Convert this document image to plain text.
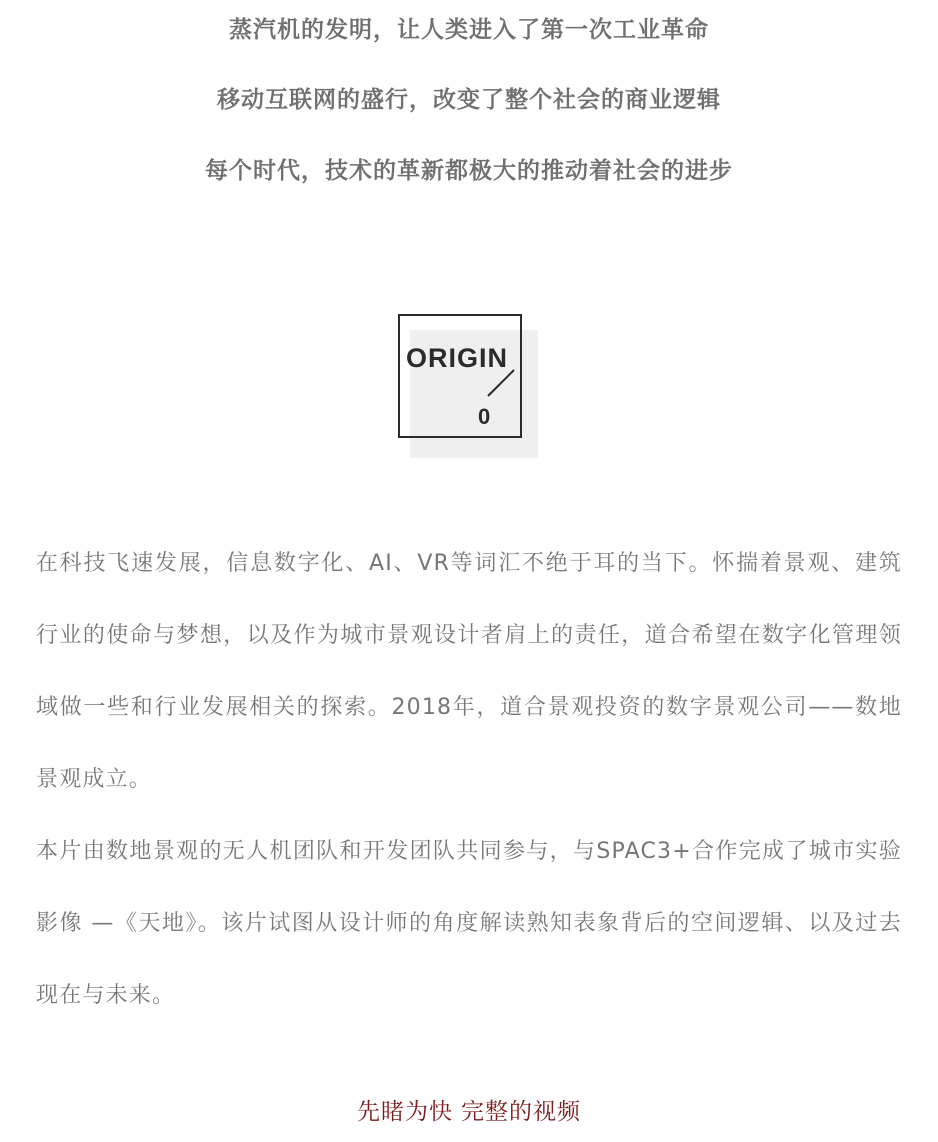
蒸汽机的发明，让人类进入了第一次工业革命
移动互联网的盛行，改变了整个社会的商业逻辑
每个时代，技术的革新都极大的推动着社会的进步
ORIGIN
0
在科技飞速发展，信息数字化、AI、VR等词汇不绝于耳的当下。怀揣着景观、建筑行业的使命与梦想，以及作为城市景观设计者肩上的责任，道合希望在数字化管理领域做一些和行业发展相关的探索。2018年，道合景观投资的数字景观公司——数地景观成立。
本片由数地景观的无人机团队和开发团队共同参与，与SPAC3+合作完成了城市实验影像 —《天地》。该片试图从设计师的角度解读熟知表象背后的空间逻辑、以及过去现在与未来。
先睹为快 完整的视频
